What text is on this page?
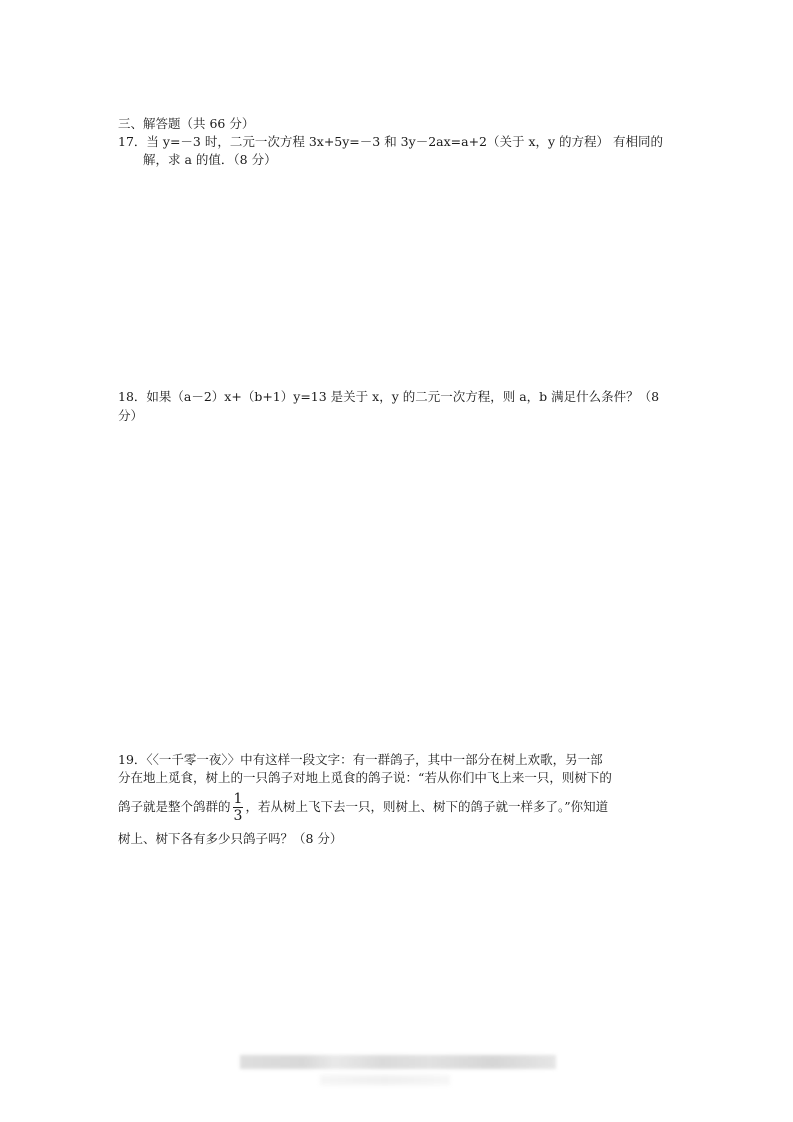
三、解答题（共 66 分）
17．当 y=－3 时，二元一次方程 3x+5y=－3 和 3y－2ax=a+2（关于 x，y 的方程） 有相同的
解，求 a 的值．（8 分）
18．如果（a－2）x+（b+1）y=13 是关于 x，y 的二元一次方程，则 a，b 满足什么条件？（8
分）
19．〈〈一千零一夜〉〉中有这样一段文字：有一群鸽子，其中一部分在树上欢歌，另一部
分在地上觅食，树上的一只鸽子对地上觅食的鸽子说：“若从你们中飞上来一只，则树下的
鸽子就是整个鸽群的 $\frac{1}{3}$ ，若从树上飞下去一只，则树上、树下的鸽子就一样多了。”你知道
树上、树下各有多少只鸽子吗？（8 分）
